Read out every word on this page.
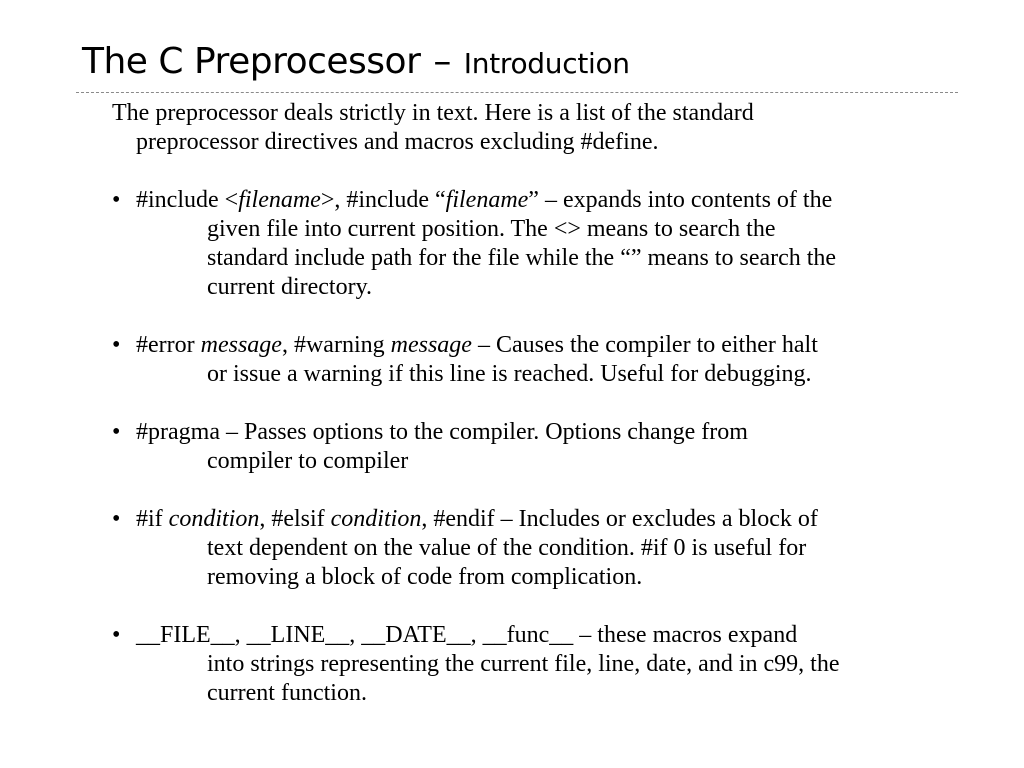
The C Preprocessor – Introduction

The preprocessor deals strictly in text. Here is a list of the standard

preprocessor directives and macros excluding #define.

• #include <filename>, #include “filename” – expands into contents of the

given file into current position. The <> means to search the

standard include path for the file while the “” means to search the

current directory.

• #error message, #warning message – Causes the compiler to either halt

or issue a warning if this line is reached. Useful for debugging.

• #pragma – Passes options to the compiler. Options change from

compiler to compiler

• #if condition, #elsif condition, #endif – Includes or excludes a block of

text dependent on the value of the condition. #if 0 is useful for

removing a block of code from complication.

• __FILE__, __LINE__, __DATE__, __func__ – these macros expand

into strings representing the current file, line, date, and in c99, the

current function.
